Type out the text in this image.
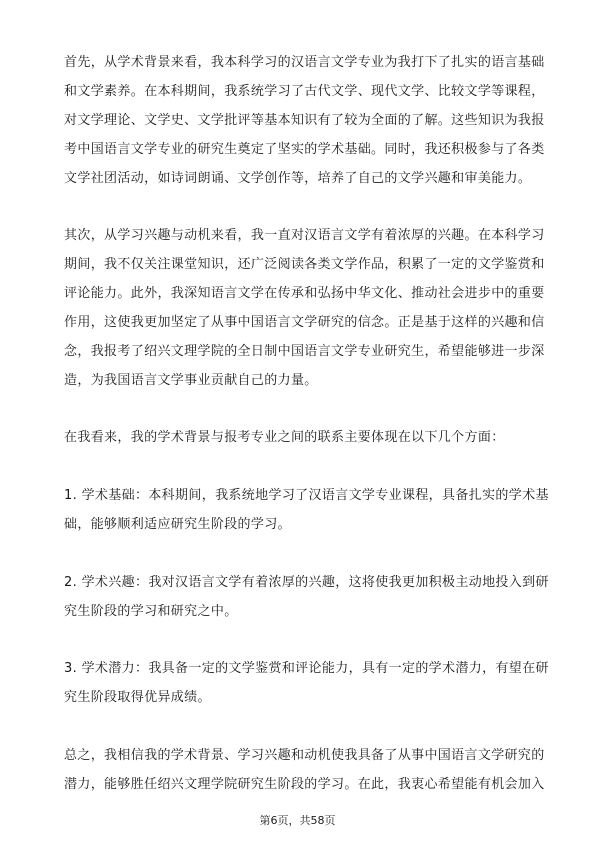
首先，从学术背景来看，我本科学习的汉语言文学专业为我打下了扎实的语言基础
和文学素养。在本科期间，我系统学习了古代文学、现代文学、比较文学等课程，
对文学理论、文学史、文学批评等基本知识有了较为全面的了解。这些知识为我报
考中国语言文学专业的研究生奠定了坚实的学术基础。同时，我还积极参与了各类
文学社团活动，如诗词朗诵、文学创作等，培养了自己的文学兴趣和审美能力。
其次，从学习兴趣与动机来看，我一直对汉语言文学有着浓厚的兴趣。在本科学习
期间，我不仅关注课堂知识，还广泛阅读各类文学作品，积累了一定的文学鉴赏和
评论能力。此外，我深知语言文学在传承和弘扬中华文化、推动社会进步中的重要
作用，这使我更加坚定了从事中国语言文学研究的信念。正是基于这样的兴趣和信
念，我报考了绍兴文理学院的全日制中国语言文学专业研究生，希望能够进一步深
造，为我国语言文学事业贡献自己的力量。
在我看来，我的学术背景与报考专业之间的联系主要体现在以下几个方面：
1. 学术基础：本科期间，我系统地学习了汉语言文学专业课程，具备扎实的学术基
础，能够顺利适应研究生阶段的学习。
2. 学术兴趣：我对汉语言文学有着浓厚的兴趣，这将使我更加积极主动地投入到研
究生阶段的学习和研究之中。
3. 学术潜力：我具备一定的文学鉴赏和评论能力，具有一定的学术潜力，有望在研
究生阶段取得优异成绩。
总之，我相信我的学术背景、学习兴趣和动机使我具备了从事中国语言文学研究的
潜力，能够胜任绍兴文理学院研究生阶段的学习。在此，我衷心希望能有机会加入
第6页，共58页
